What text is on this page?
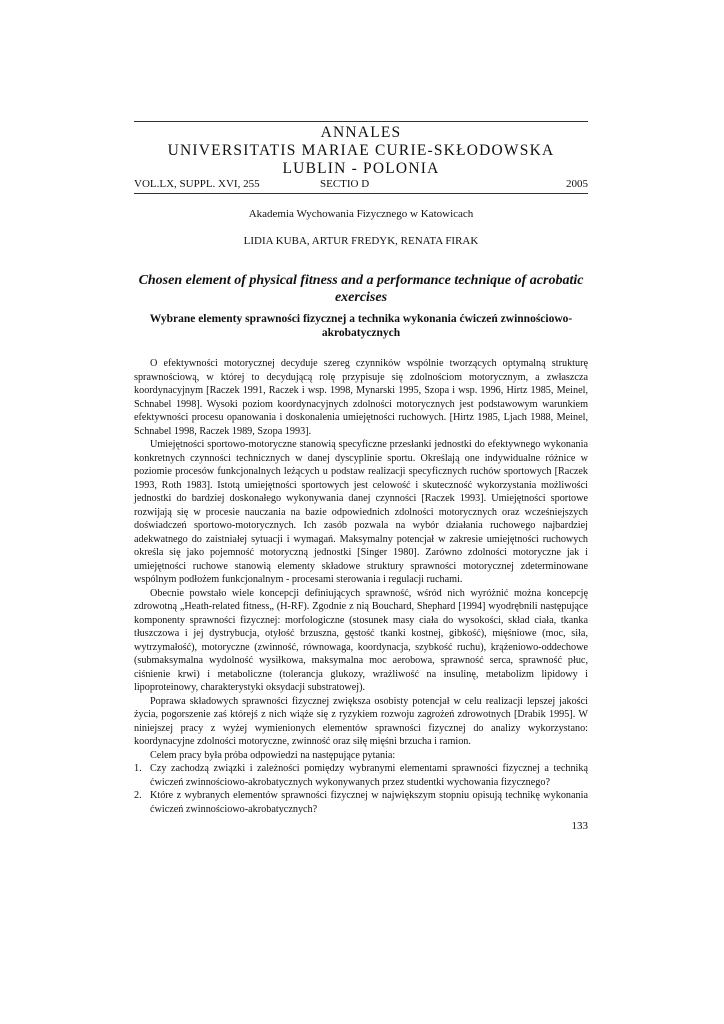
ANNALES
UNIVERSITATIS MARIAE CURIE-SKŁODOWSKA
LUBLIN - POLONIA
VOL.LX, SUPPL. XVI, 255	SECTIO D	2005
Akademia Wychowania Fizycznego w Katowicach
LIDIA KUBA, ARTUR FREDYK, RENATA FIRAK
Chosen element of physical fitness and a performance technique of acrobatic exercises
Wybrane elementy sprawności fizycznej a technika wykonania ćwiczeń zwinnościowo-akrobatycznych

O efektywności motorycznej decyduje szereg czynników wspólnie tworzących optymalną strukturę sprawnościową, w której to decydującą rolę przypisuje się zdolnościom motorycznym, a zwłaszcza koordynacyjnym [Raczek 1991, Raczek i wsp. 1998, Mynarski 1995, Szopa i wsp. 1996, Hirtz 1985, Meinel, Schnabel 1998]. Wysoki poziom koordynacyjnych zdolności motorycznych jest podstawowym warunkiem efektywności procesu opanowania i doskonalenia umiejętności ruchowych. [Hirtz 1985, Ljach 1988, Meinel, Schnabel 1998, Raczek 1989, Szopa 1993].

Umiejętności sportowo-motoryczne stanowią specyficzne przesłanki jednostki do efektywnego wykonania konkretnych czynności technicznych w danej dyscyplinie sportu. Określają one indywidualne różnice w poziomie procesów funkcjonalnych leżących u podstaw realizacji specyficznych ruchów sportowych [Raczek 1993, Roth 1983]. Istotą umiejętności sportowych jest celowość i skuteczność wykorzystania możliwości jednostki do bardziej doskonałego wykonywania danej czynności [Raczek 1993]. Umiejętności sportowe rozwijają się w procesie nauczania na bazie odpowiednich zdolności motorycznych oraz wcześniejszych doświadczeń sportowo-motorycznych. Ich zasób pozwala na wybór działania ruchowego najbardziej adekwatnego do zaistniałej sytuacji i wymagań. Maksymalny potencjał w zakresie umiejętności ruchowych określa się jako pojemność motoryczną jednostki [Singer 1980]. Zarówno zdolności motoryczne jak i umiejętności ruchowe stanowią elementy składowe struktury sprawności motorycznej zdeterminowane wspólnym podłożem funkcjonalnym - procesami sterowania i regulacji ruchami.

Obecnie powstało wiele koncepcji definiujących sprawność, wśród nich wyróżnić można koncepcję zdrowotną „Heath-related fitness„ (H-RF). Zgodnie z nią Bouchard, Shephard [1994] wyodrębnili następujące komponenty sprawności fizycznej: morfologiczne (stosunek masy ciała do wysokości, skład ciała, tkanka tłuszczowa i jej dystrybucja, otyłość brzuszna, gęstość tkanki kostnej, gibkość), mięśniowe (moc, siła, wytrzymałość), motoryczne (zwinność, równowaga, koordynacja, szybkość ruchu), krążeniowo-oddechowe (submaksymalna wydolność wysiłkowa, maksymalna moc aerobowa, sprawność serca, sprawność płuc, ciśnienie krwi) i metaboliczne (tolerancja glukozy, wrażliwość na insulinę, metabolizm lipidowy i lipoproteinowy, charakterystyki oksydacji substratowej).

Poprawa składowych sprawności fizycznej zwiększa osobisty potencjał w celu realizacji lepszej jakości życia, pogorszenie zaś którejś z nich wiąże się z ryzykiem rozwoju zagrożeń zdrowotnych [Drabik 1995]. W niniejszej pracy z wyżej wymienionych elementów sprawności fizycznej do analizy wykorzystano: koordynacyjne zdolności motoryczne, zwinność oraz siłę mięśni brzucha i ramion.

Celem pracy była próba odpowiedzi na następujące pytania:

1. Czy zachodzą związki i zależności pomiędzy wybranymi elementami sprawności fizycznej a techniką ćwiczeń zwinnościowo-akrobatycznych wykonywanych przez studentki wychowania fizycznego?
2. Które z wybranych elementów sprawności fizycznej w największym stopniu opisują technikę wykonania ćwiczeń zwinnościowo-akrobatycznych?
133
